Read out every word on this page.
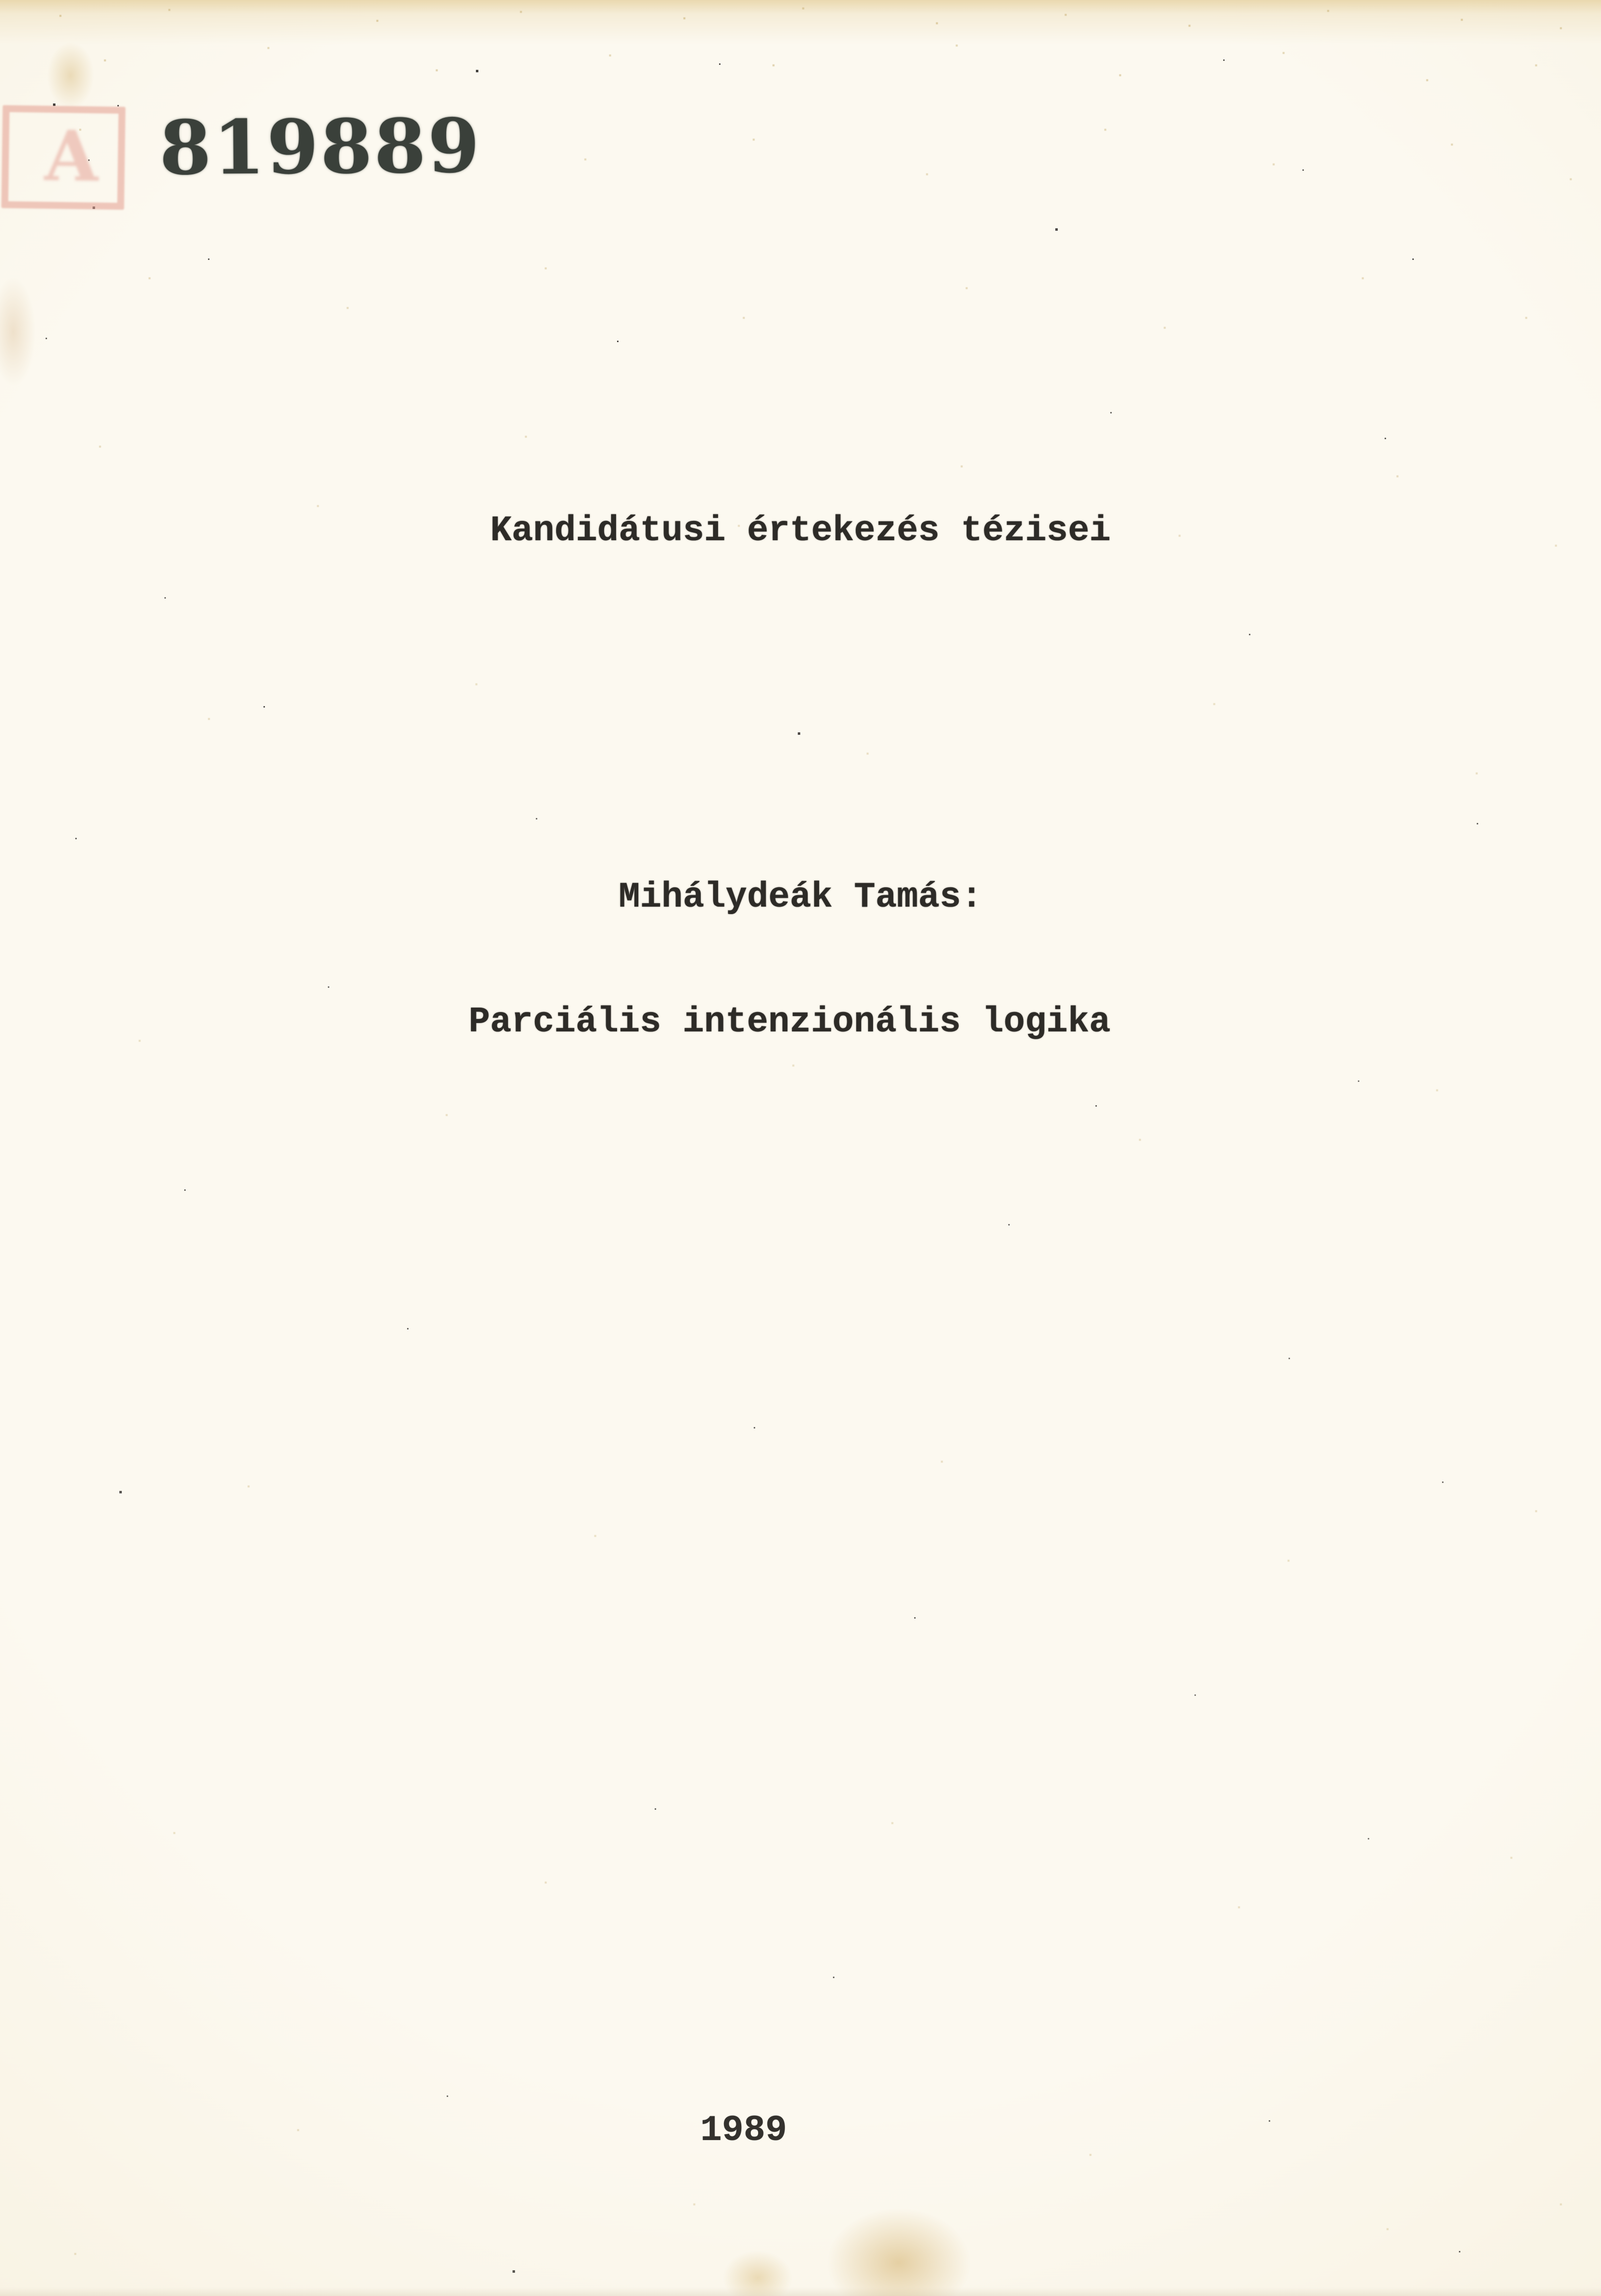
A 819889
Kandidátusi értekezés tézisei
Mihálydeák Tamás:
Parciális intenzionális logika
1989
